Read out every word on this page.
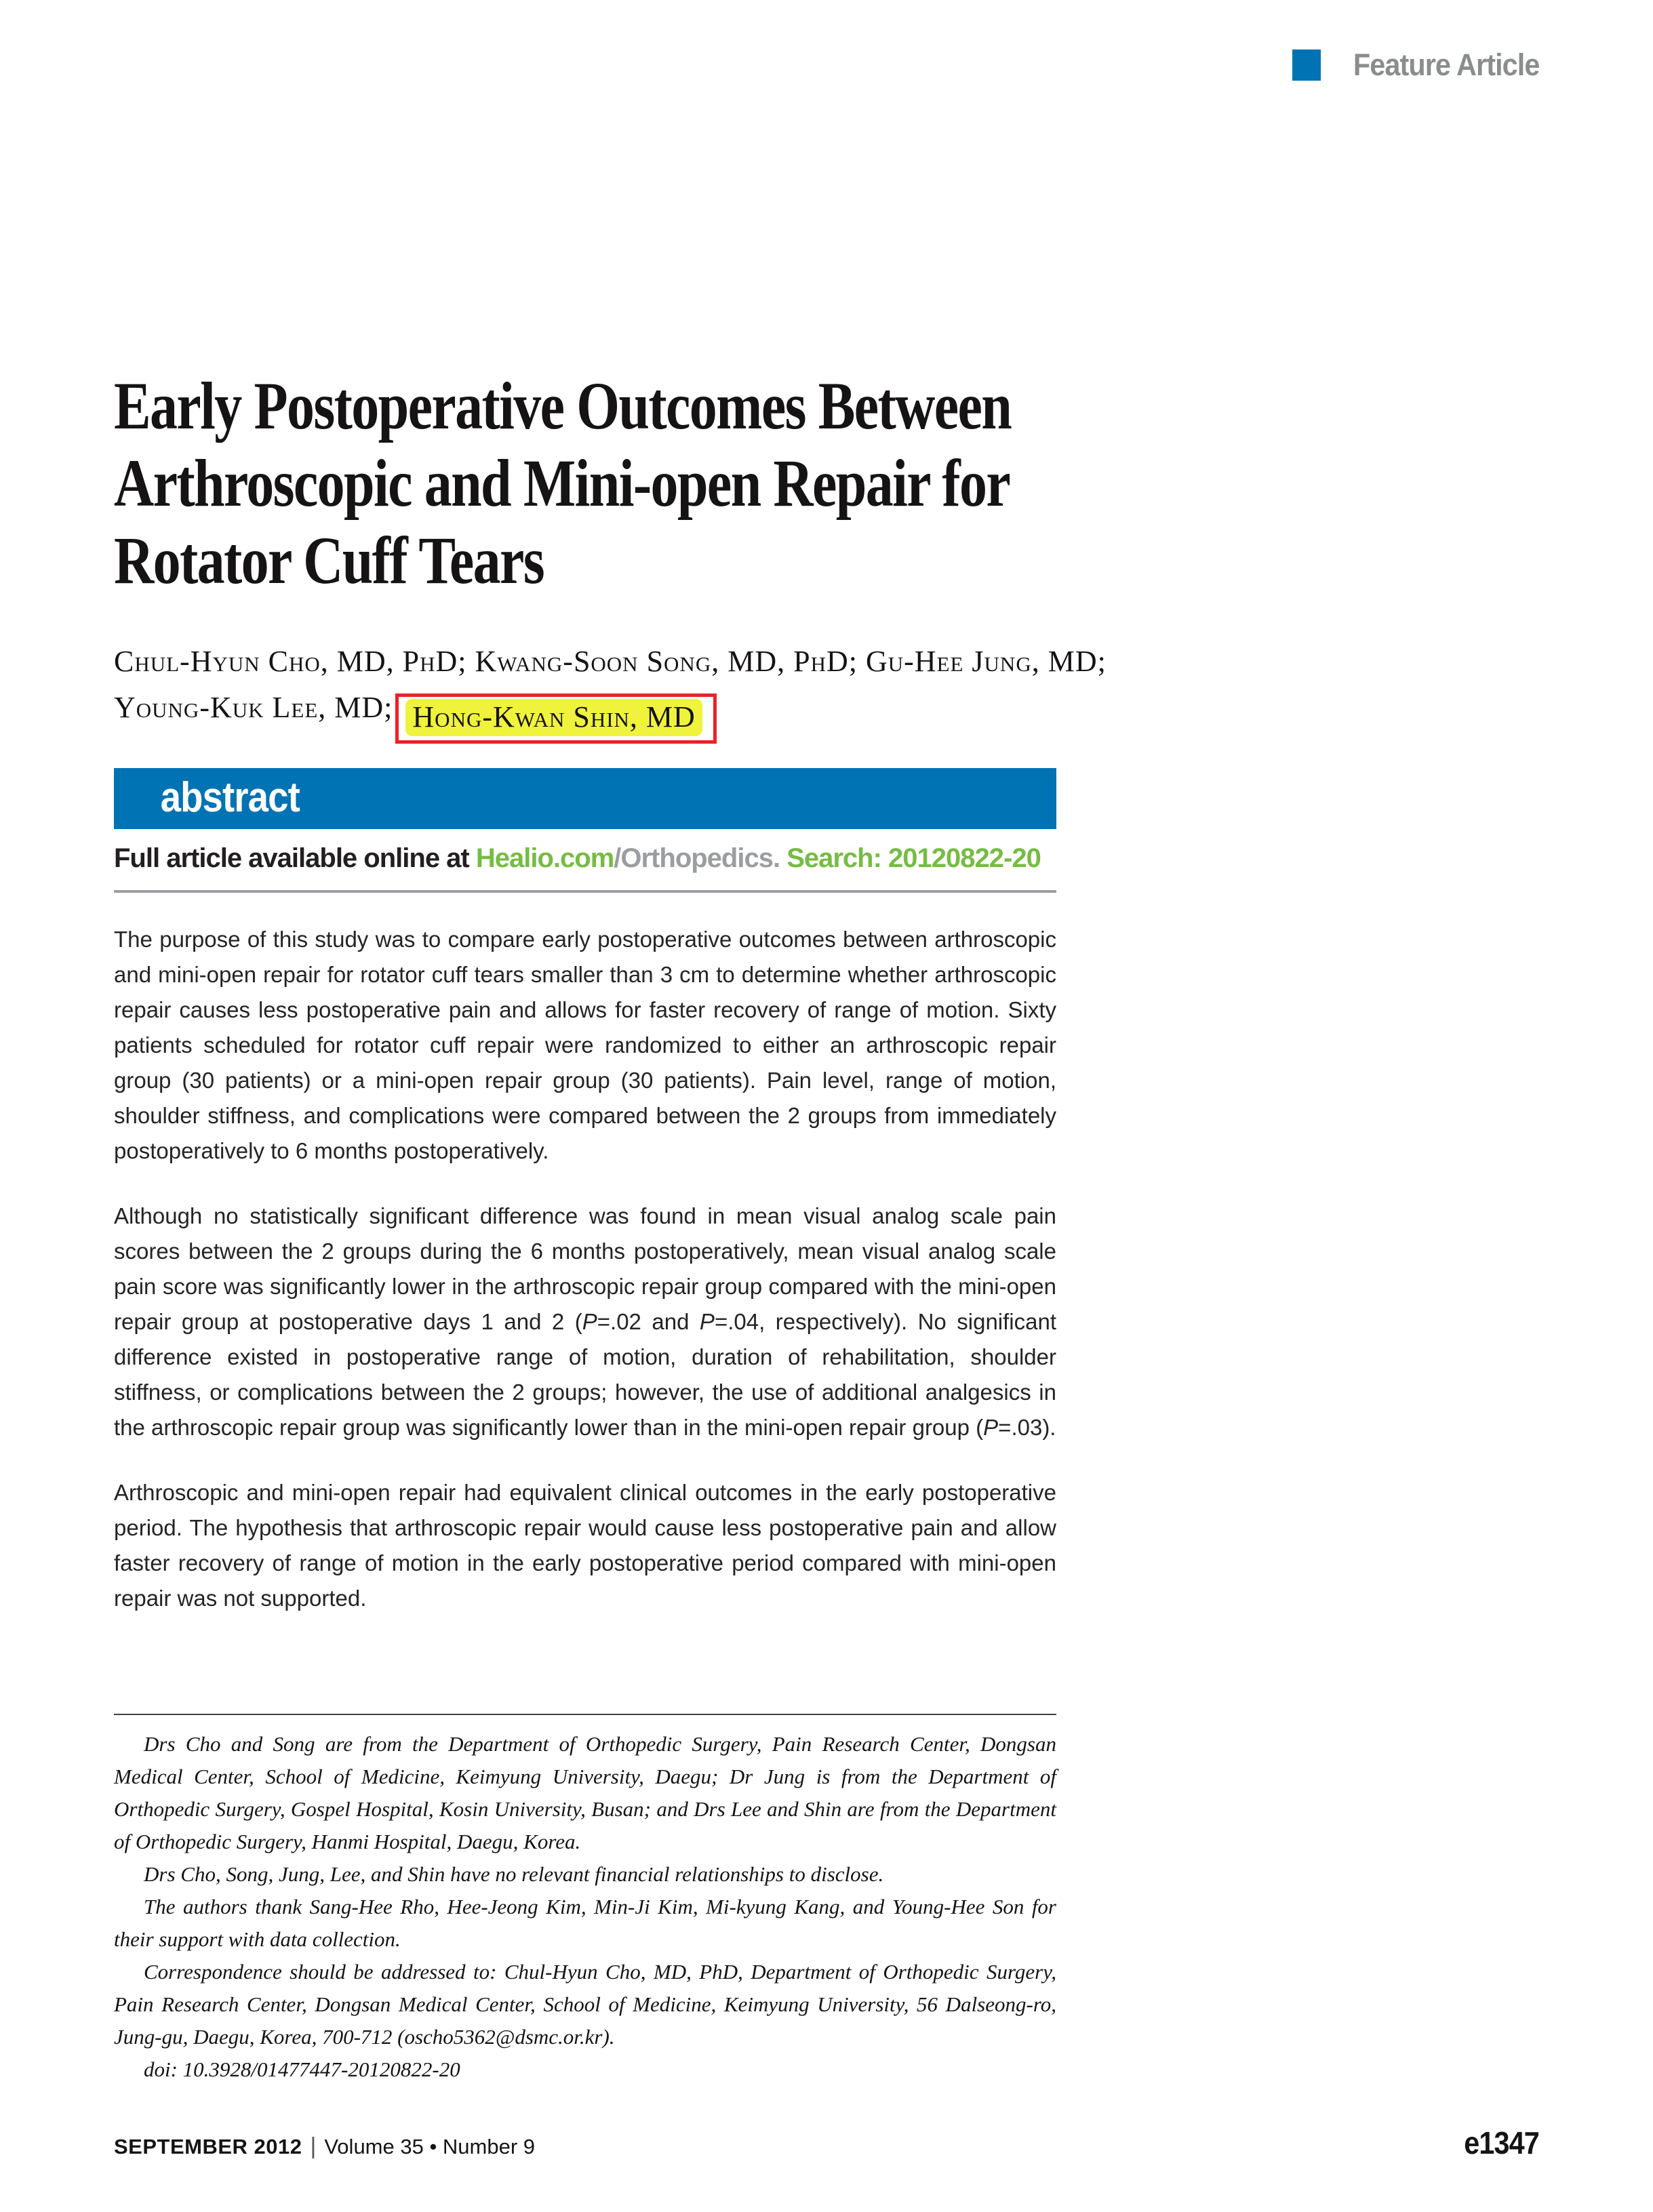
Feature Article
Early Postoperative Outcomes Between
Arthroscopic and Mini-open Repair for
Rotator Cuff Tears
Chul-Hyun Cho, MD, PhD; Kwang-Soon Song, MD, PhD; Gu-Hee Jung, MD;
Young-Kuk Lee, MD; Hong-Kwan Shin, MD
abstract
Full article available online at Healio.com/Orthopedics. Search: 20120822-20

The purpose of this study was to compare early postoperative outcomes between arthroscopic and mini-open repair for rotator cuff tears smaller than 3 cm to determine whether arthroscopic repair causes less postoperative pain and allows for faster recovery of range of motion. Sixty patients scheduled for rotator cuff repair were randomized to either an arthroscopic repair group (30 patients) or a mini-open repair group (30 patients). Pain level, range of motion, shoulder stiffness, and complications were compared between the 2 groups from immediately postoperatively to 6 months postoperatively.

Although no statistically significant difference was found in mean visual analog scale pain scores between the 2 groups during the 6 months postoperatively, mean visual analog scale pain score was significantly lower in the arthroscopic repair group compared with the mini-open repair group at postoperative days 1 and 2 (P=.02 and P=.04, respectively). No significant difference existed in postoperative range of motion, duration of rehabilitation, shoulder stiffness, or complications between the 2 groups; however, the use of additional analgesics in the arthroscopic repair group was significantly lower than in the mini-open repair group (P=.03).

Arthroscopic and mini-open repair had equivalent clinical outcomes in the early postoperative period. The hypothesis that arthroscopic repair would cause less postoperative pain and allow faster recovery of range of motion in the early postoperative period compared with mini-open repair was not supported.

Drs Cho and Song are from the Department of Orthopedic Surgery, Pain Research Center, Dongsan Medical Center, School of Medicine, Keimyung University, Daegu; Dr Jung is from the Department of Orthopedic Surgery, Gospel Hospital, Kosin University, Busan; and Drs Lee and Shin are from the Department of Orthopedic Surgery, Hanmi Hospital, Daegu, Korea.

Drs Cho, Song, Jung, Lee, and Shin have no relevant financial relationships to disclose.

The authors thank Sang-Hee Rho, Hee-Jeong Kim, Min-Ji Kim, Mi-kyung Kang, and Young-Hee Son for their support with data collection.

Correspondence should be addressed to: Chul-Hyun Cho, MD, PhD, Department of Orthopedic Surgery, Pain Research Center, Dongsan Medical Center, School of Medicine, Keimyung University, 56 Dalseong-ro, Jung-gu, Daegu, Korea, 700-712 (oscho5362@dsmc.or.kr).

doi: 10.3928/01477447-20120822-20

SEPTEMBER 2012 | Volume 35 • Number 9	e1347
